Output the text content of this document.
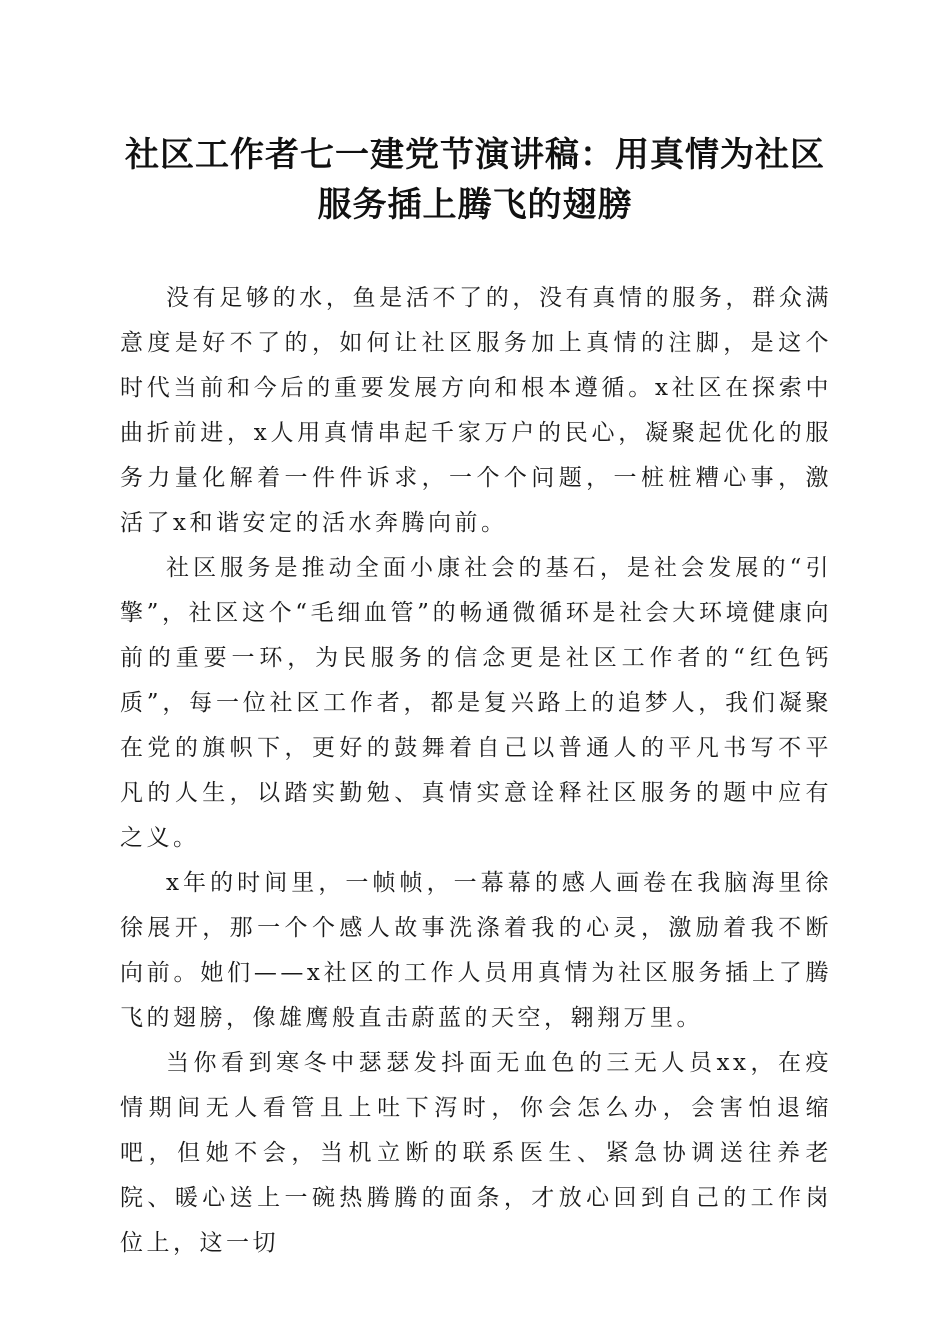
社区工作者七一建党节演讲稿：用真情为社区
服务插上腾飞的翅膀

没有足够的水，鱼是活不了的，没有真情的服务，群众满意度是好不了的，如何让社区服务加上真情的注脚，是这个时代当前和今后的重要发展方向和根本遵循。x社区在探索中曲折前进，x人用真情串起千家万户的民心，凝聚起优化的服务力量化解着一件件诉求，一个个问题，一桩桩糟心事，激活了x和谐安定的活水奔腾向前。

社区服务是推动全面小康社会的基石，是社会发展的“引擎”，社区这个“毛细血管”的畅通微循环是社会大环境健康向前的重要一环，为民服务的信念更是社区工作者的“红色钙质”，每一位社区工作者，都是复兴路上的追梦人，我们凝聚在党的旗帜下，更好的鼓舞着自己以普通人的平凡书写不平凡的人生，以踏实勤勉、真情实意诠释社区服务的题中应有之义。

x年的时间里，一帧帧，一幕幕的感人画卷在我脑海里徐徐展开，那一个个感人故事洗涤着我的心灵，激励着我不断向前。她们——x社区的工作人员用真情为社区服务插上了腾飞的翅膀，像雄鹰般直击蔚蓝的天空，翱翔万里。

当你看到寒冬中瑟瑟发抖面无血色的三无人员xx，在疫情期间无人看管且上吐下泻时，你会怎么办，会害怕退缩吧，但她不会，当机立断的联系医生、紧急协调送往养老院、暖心送上一碗热腾腾的面条，才放心回到自己的工作岗位上，这一切
